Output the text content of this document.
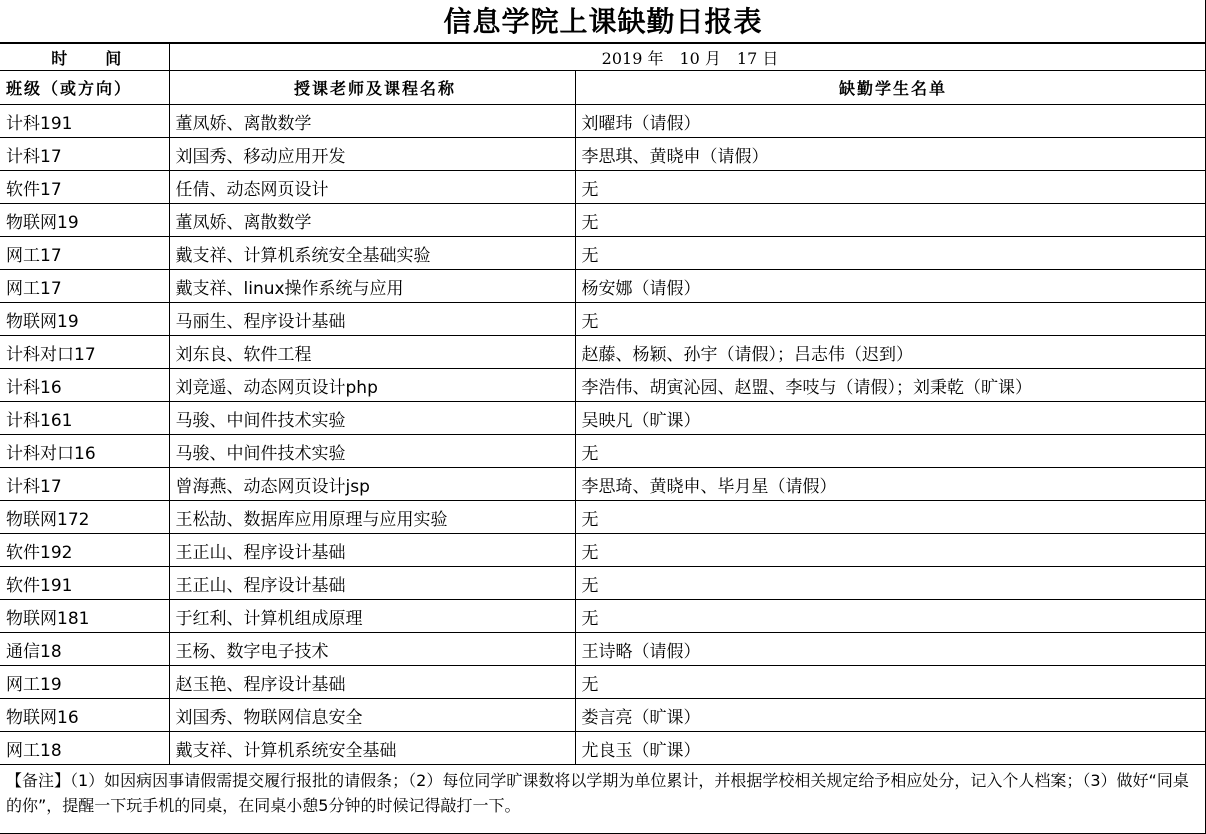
信息学院上课缺勤日报表
时　　间	2019 年　10 月　17 日	
班级（或方向）	授课老师及课程名称	缺勤学生名单
计科191	董凤娇、离散数学	刘曜玮（请假）
计科17	刘国秀、移动应用开发	李思琪、黄晓申（请假）
软件17	任倩、动态网页设计	无
物联网19	董凤娇、离散数学	无
网工17	戴支祥、计算机系统安全基础实验	无
网工17	戴支祥、linux操作系统与应用	杨安娜（请假）
物联网19	马丽生、程序设计基础	无
计科对口17	刘东良、软件工程	赵藤、杨颖、孙宇（请假）；吕志伟（迟到）
计科16	刘竞遥、动态网页设计php	李浩伟、胡寅沁园、赵盟、李吱与（请假）；刘秉乾（旷课）
计科161	马骏、中间件技术实验	吴映凡（旷课）
计科对口16	马骏、中间件技术实验	无
计科17	曾海燕、动态网页设计jsp	李思琦、黄晓申、毕月星（请假）
物联网172	王松劼、数据库应用原理与应用实验	无
软件192	王正山、程序设计基础	无
软件191	王正山、程序设计基础	无
物联网181	于红利、计算机组成原理	无
通信18	王杨、数字电子技术	王诗略（请假）
网工19	赵玉艳、程序设计基础	无
物联网16	刘国秀、物联网信息安全	娄言亮（旷课）
网工18	戴支祥、计算机系统安全基础	尤良玉（旷课）
【备注】（1）如因病因事请假需提交履行报批的请假条；（2）每位同学旷课数将以学期为单位累计，并根据学校相关规定给予相应处分，记入个人档案；（3）做好“同桌的你”，提醒一下玩手机的同桌，在同桌小憩5分钟的时候记得敲打一下。
